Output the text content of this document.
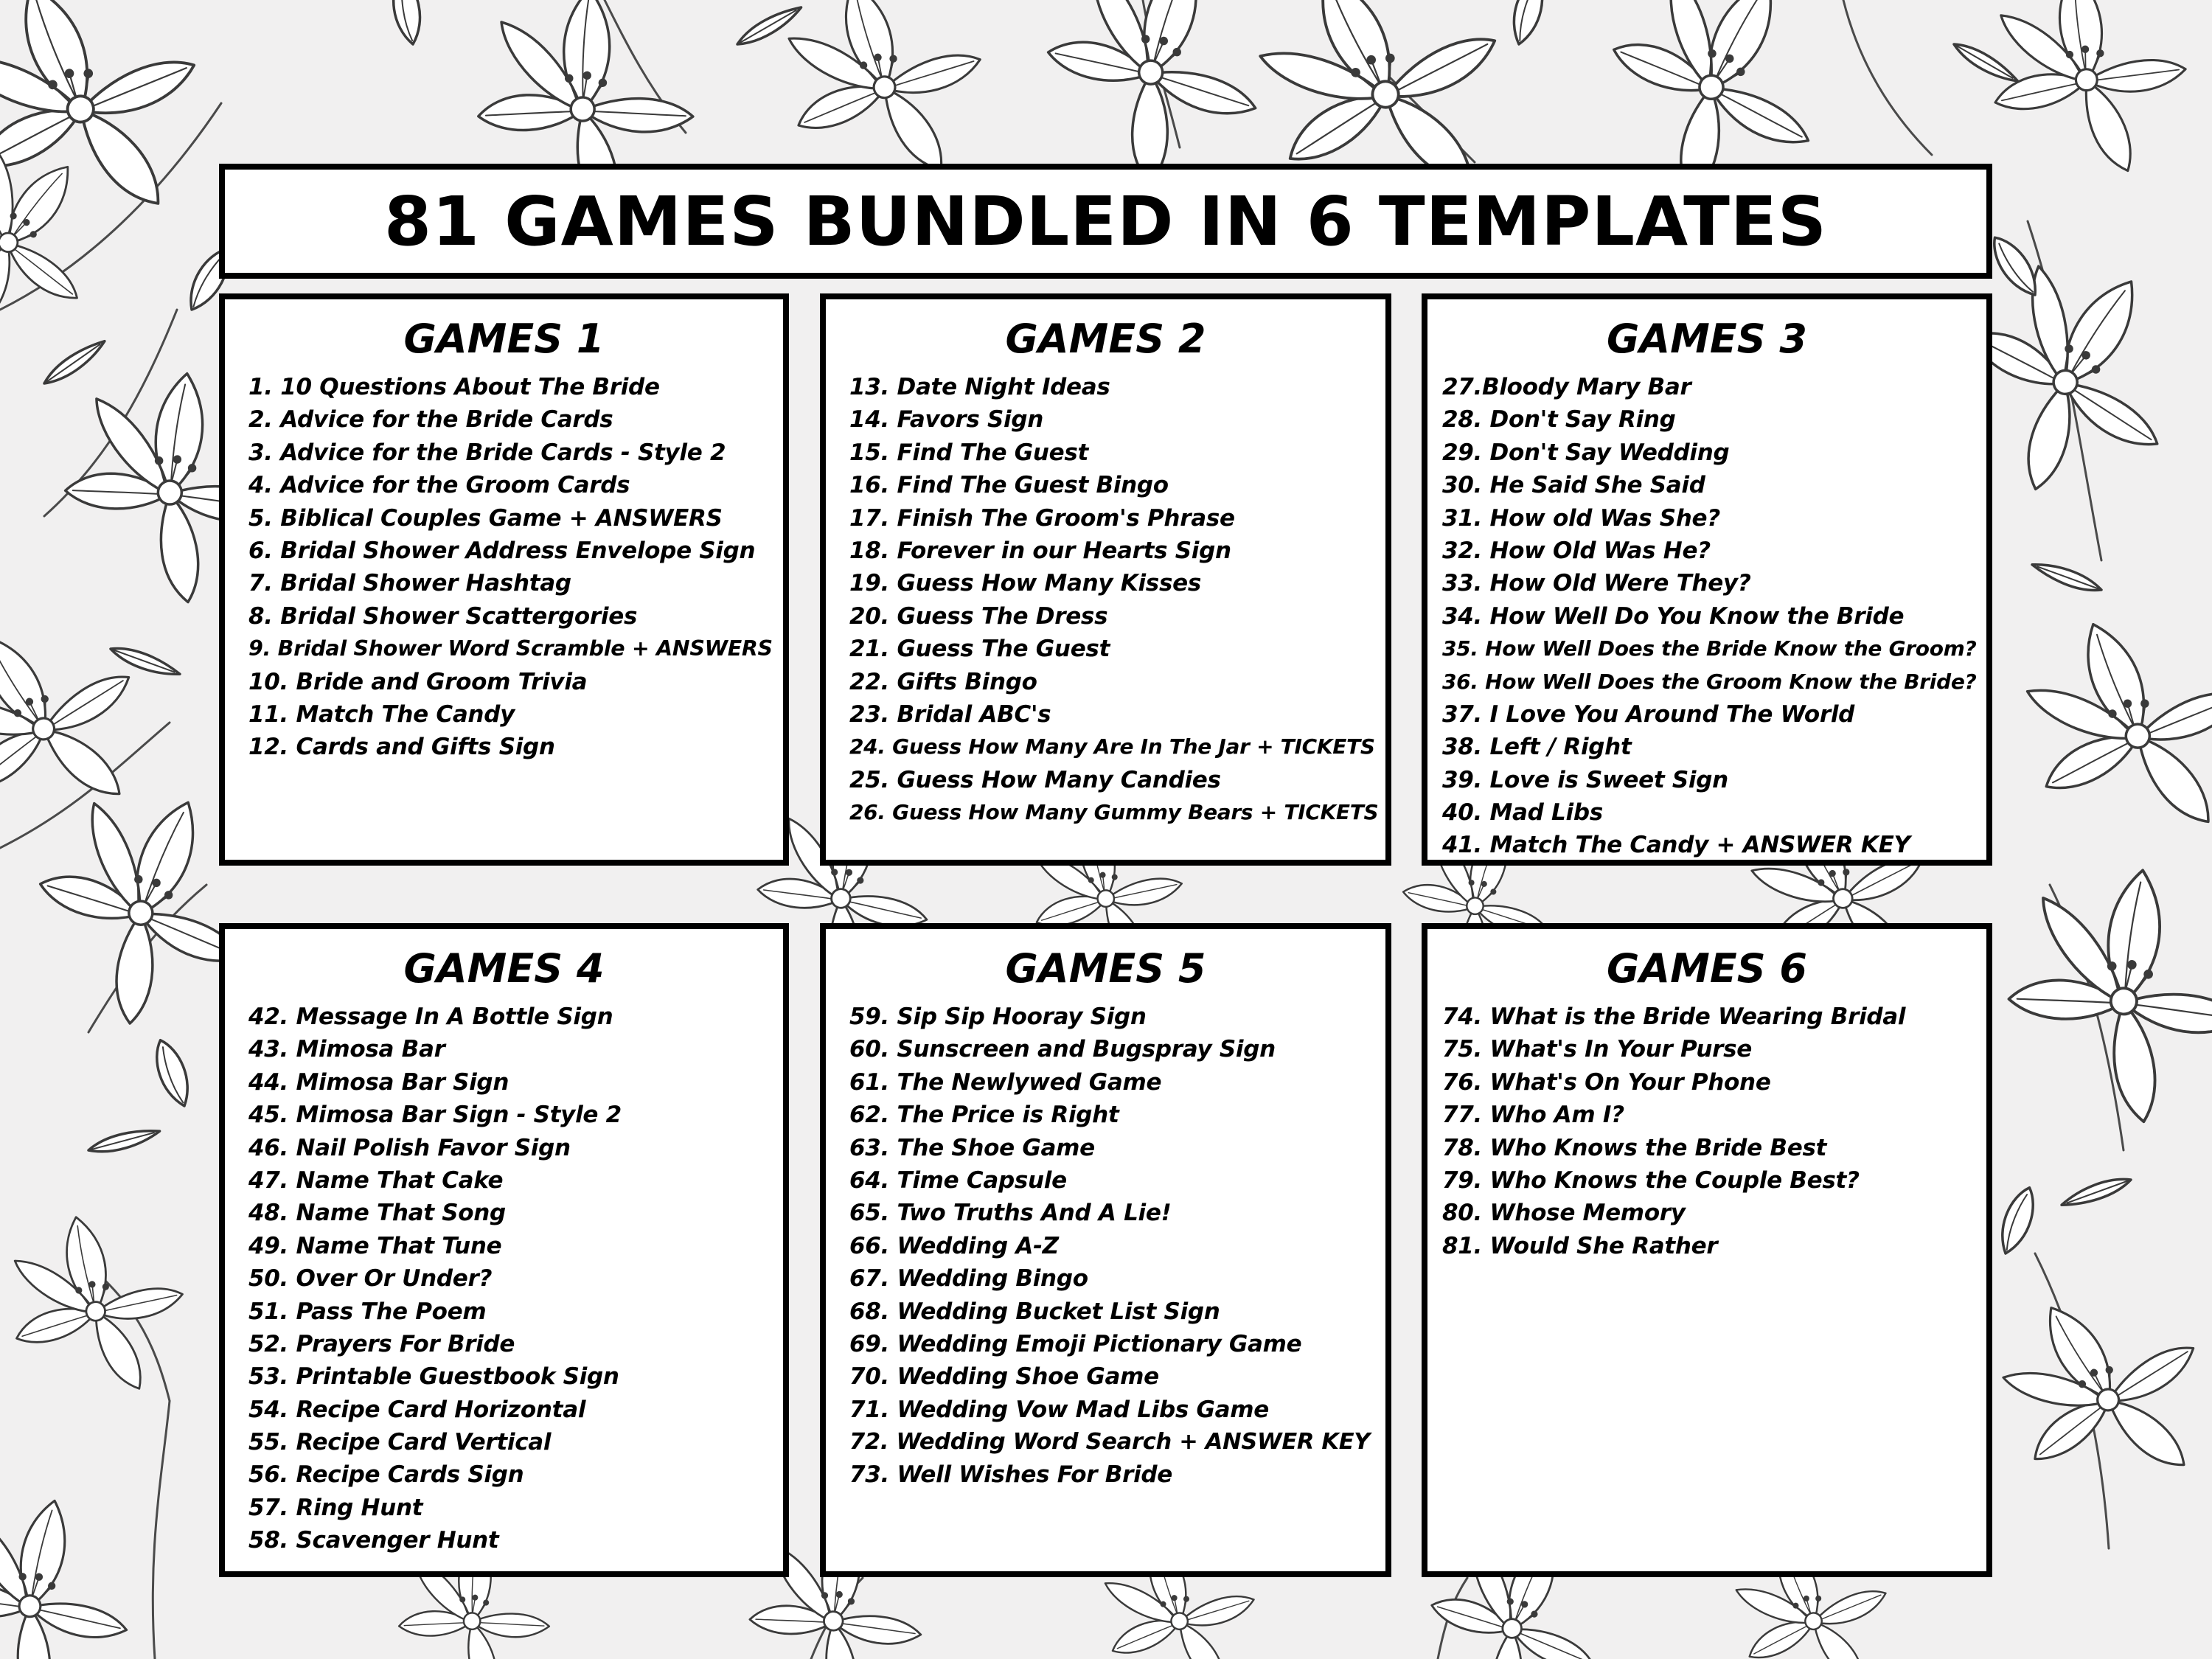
81 GAMES BUNDLED IN 6 TEMPLATES
GAMES 1
1. 10 Questions About The Bride
2. Advice for the Bride Cards
3. Advice for the Bride Cards - Style 2
4. Advice for the Groom Cards
5. Biblical Couples Game + ANSWERS
6. Bridal Shower Address Envelope Sign
7. Bridal Shower Hashtag
8. Bridal Shower Scattergories
9. Bridal Shower Word Scramble + ANSWERS
10. Bride and Groom Trivia
11. Match The Candy
12. Cards and Gifts Sign
GAMES 2
13. Date Night Ideas
14. Favors Sign
15. Find The Guest
16. Find The Guest Bingo
17. Finish The Groom's Phrase
18. Forever in our Hearts Sign
19. Guess How Many Kisses
20. Guess The Dress
21. Guess The Guest
22. Gifts Bingo
23. Bridal ABC's
24. Guess How Many Are In The Jar + TICKETS
25. Guess How Many Candies
26. Guess How Many Gummy Bears + TICKETS
GAMES 3
27.Bloody Mary Bar
28. Don't Say Ring
29. Don't Say Wedding
30. He Said She Said
31. How old Was She?
32. How Old Was He?
33. How Old Were They?
34. How Well Do You Know the Bride
35. How Well Does the Bride Know the Groom?
36. How Well Does the Groom Know the Bride?
37. I Love You Around The World
38. Left / Right
39. Love is Sweet Sign
40. Mad Libs
41. Match The Candy + ANSWER KEY
GAMES 4
42. Message In A Bottle Sign
43. Mimosa Bar
44. Mimosa Bar Sign
45. Mimosa Bar Sign - Style 2
46. Nail Polish Favor Sign
47. Name That Cake
48. Name That Song
49. Name That Tune
50. Over Or Under?
51. Pass The Poem
52. Prayers For Bride
53. Printable Guestbook Sign
54. Recipe Card Horizontal
55. Recipe Card Vertical
56. Recipe Cards Sign
57. Ring Hunt
58. Scavenger Hunt
GAMES 5
59. Sip Sip Hooray Sign
60. Sunscreen and Bugspray Sign
61. The Newlywed Game
62. The Price is Right
63. The Shoe Game
64. Time Capsule
65. Two Truths And A Lie!
66. Wedding A-Z
67. Wedding Bingo
68. Wedding Bucket List Sign
69. Wedding Emoji Pictionary Game
70. Wedding Shoe Game
71. Wedding Vow Mad Libs Game
72. Wedding Word Search + ANSWER KEY
73. Well Wishes For Bride
GAMES 6
74. What is the Bride Wearing Bridal
75. What's In Your Purse
76. What's On Your Phone
77. Who Am I?
78. Who Knows the Bride Best
79. Who Knows the Couple Best?
80. Whose Memory
81. Would She Rather
